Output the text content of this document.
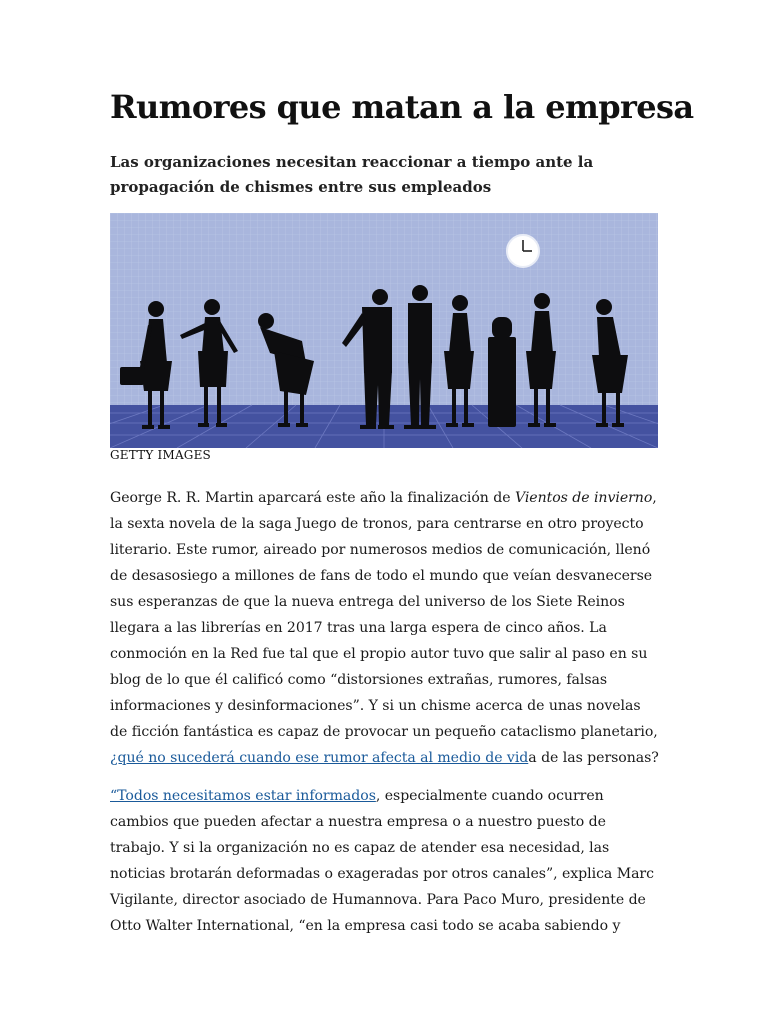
Rumores que matan a la empresa

Las organizaciones necesitan reaccionar a tiempo ante la propagación de chismes entre sus empleados

GETTY IMAGES

George R. R. Martin aparcará este año la finalización de Vientos de invierno, la sexta novela de la saga Juego de tronos, para centrarse en otro proyecto literario. Este rumor, aireado por numerosos medios de comunicación, llenó de desasosiego a millones de fans de todo el mundo que veían desvanecerse sus esperanzas de que la nueva entrega del universo de los Siete Reinos llegara a las librerías en 2017 tras una larga espera de cinco años. La conmoción en la Red fue tal que el propio autor tuvo que salir al paso en su blog de lo que él calificó como “distorsiones extrañas, rumores, falsas informaciones y desinformaciones”. Y si un chisme acerca de unas novelas de ficción fantástica es capaz de provocar un pequeño cataclismo planetario, ¿qué no sucederá cuando ese rumor afecta al medio de vida de las personas?

“Todos necesitamos estar informados, especialmente cuando ocurren cambios que pueden afectar a nuestra empresa o a nuestro puesto de trabajo. Y si la organización no es capaz de atender esa necesidad, las noticias brotarán deformadas o exageradas por otros canales”, explica Marc Vigilante, director asociado de Humannova. Para Paco Muro, presidente de Otto Walter International, “en la empresa casi todo se acaba sabiendo y
